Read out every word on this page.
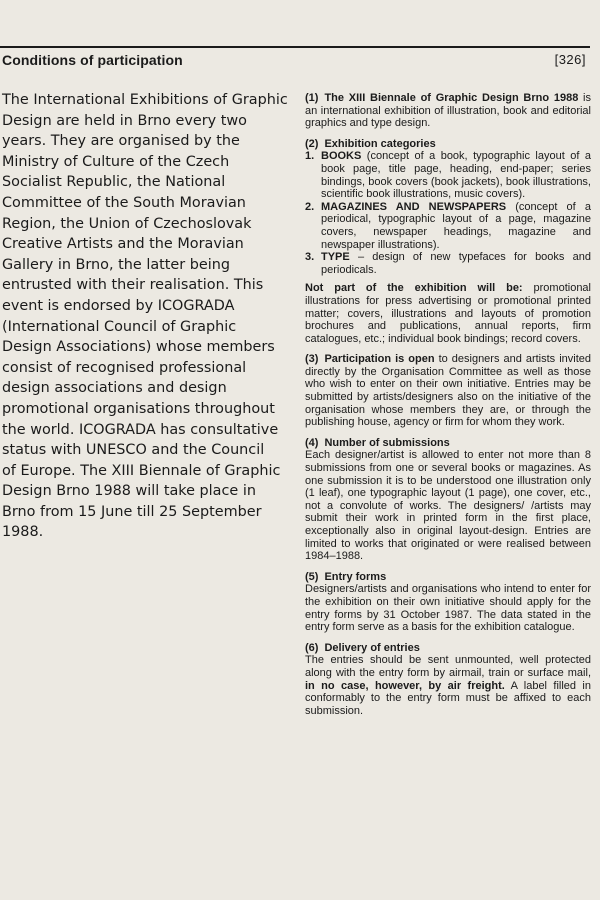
Conditions of participation	[326]

The International Exhibitions of Graphic
Design are held in Brno every two
years. They are organised by the
Ministry of Culture of the Czech
Socialist Republic, the National
Committee of the South Moravian
Region, the Union of Czechoslovak
Creative Artists and the Moravian
Gallery in Brno, the latter being
entrusted with their realisation. This
event is endorsed by ICOGRADA
(International Council of Graphic
Design Associations) whose members
consist of recognised professional
design associations and design
promotional organisations throughout
the world. ICOGRADA has consultative
status with UNESCO and the Council
of Europe. The XIII Biennale of Graphic
Design Brno 1988 will take place in
Brno from 15 June till 25 September
1988.

(1) The XIII Biennale of Graphic Design Brno 1988 is an international exhibition of illustration, book and editorial graphics and type design.

(2) Exhibition categories
1. BOOKS (concept of a book, typographic layout of a book page, title page, heading, end-paper; series bindings, book covers (book jackets), book illustrations, scientific book illustrations, music covers).
2. MAGAZINES AND NEWSPAPERS (concept of a periodical, typographic layout of a page, magazine covers, newspaper headings, magazine and newspaper illustrations).
3. TYPE – design of new typefaces for books and periodicals.

Not part of the exhibition will be: promotional illustrations for press advertising or promotional printed matter; covers, illustrations and layouts of promotion brochures and publications, annual reports, firm catalogues, etc.; individual book bindings; record covers.

(3) Participation is open to designers and artists invited directly by the Organisation Committee as well as those who wish to enter on their own initiative. Entries may be submitted by artists/designers also on the initiative of the organisation whose members they are, or through the publishing house, agency or firm for whom they work.

(4) Number of submissions

Each designer/artist is allowed to enter not more than 8 submissions from one or several books or magazines. As one submission it is to be understood one illustration only (1 leaf), one typographic layout (1 page), one cover, etc., not a convolute of works. The designers/ /artists may submit their work in printed form in the first place, exceptionally also in original layout-design. Entries are limited to works that originated or were realised between 1984–1988.

(5) Entry forms

Designers/artists and organisations who intend to enter for the exhibition on their own initiative should apply for the entry forms by 31 October 1987. The data stated in the entry form serve as a basis for the exhibition catalogue.

(6) Delivery of entries

The entries should be sent unmounted, well protected along with the entry form by airmail, train or surface mail, in no case, however, by air freight. A label filled in conformably to the entry form must be affixed to each submission.
